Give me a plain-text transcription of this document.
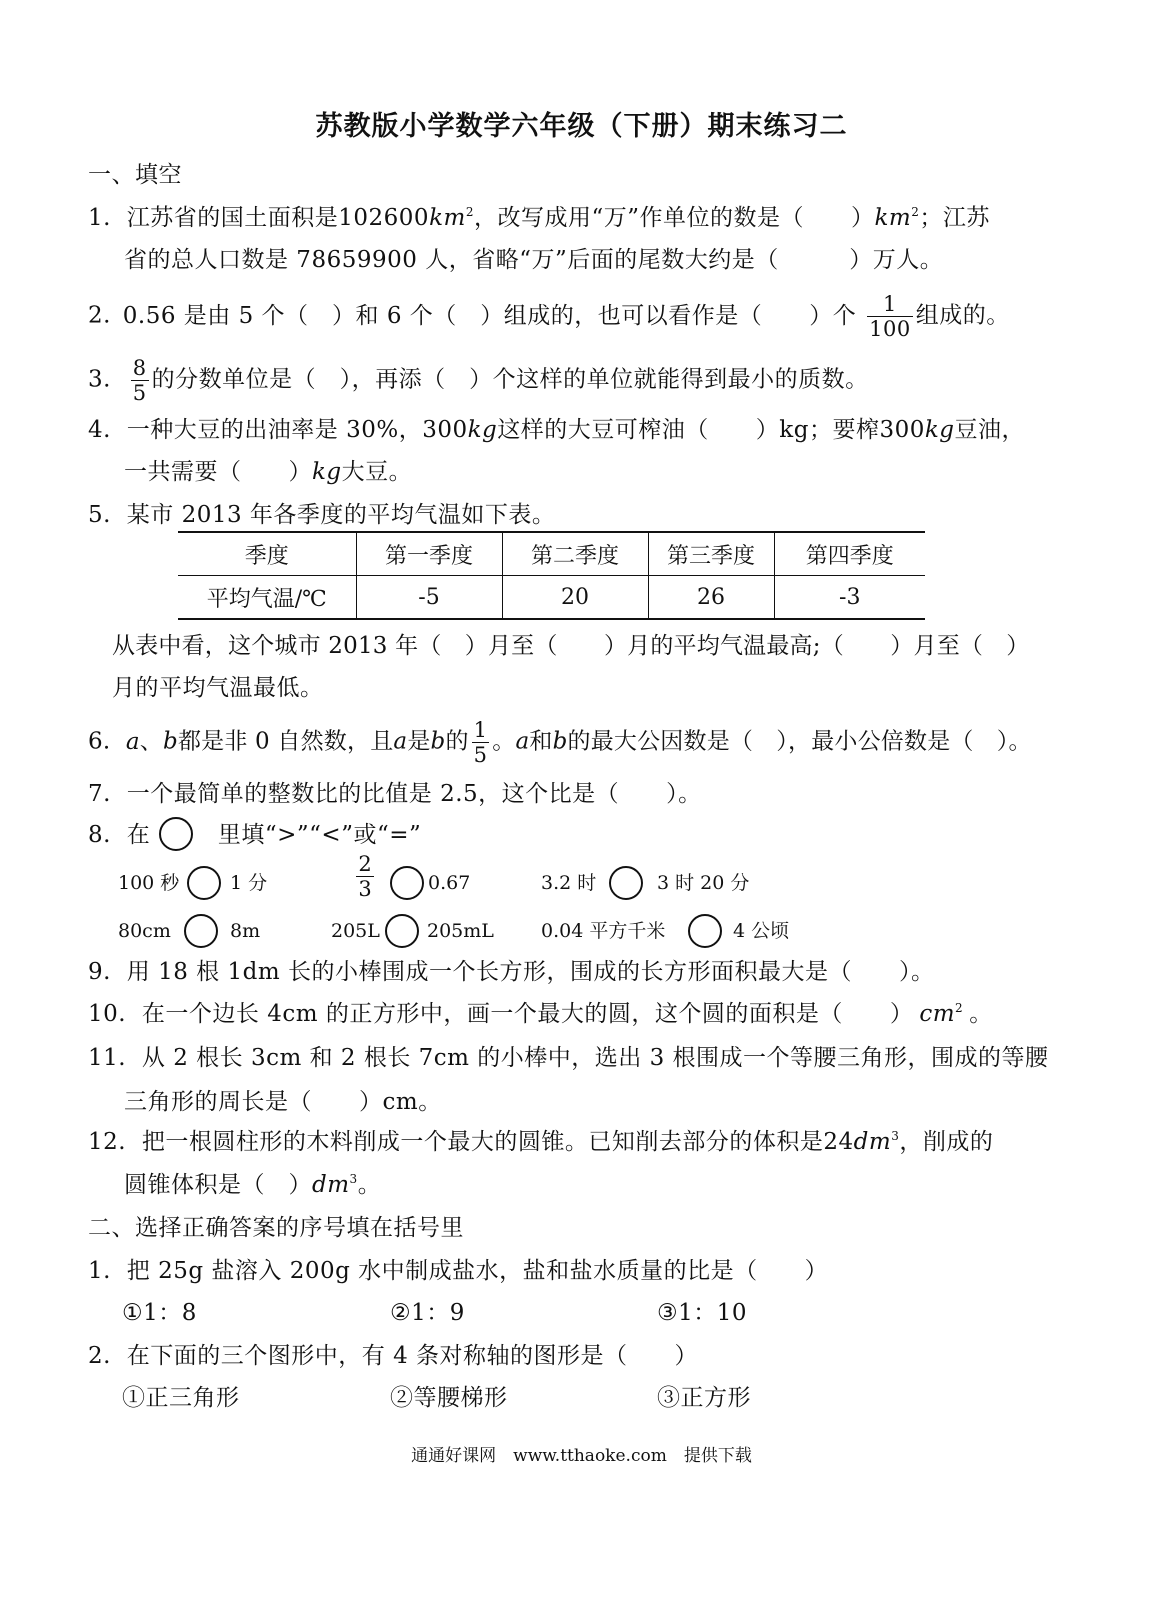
苏教版小学数学六年级（下册）期末练习二
一、填空
1. 江苏省的国土面积是$102600km^2$，改写成用“万”作单位的数是（　　）$km^2$；江苏
省的总人口数是 78659900 人，省略“万”后面的尾数大约是（　　　）万人。
2. 0.56 是由 5 个（　）和 6 个（　）组成的，也可以看作是（　　）个 $\frac{1}{100}$ 组成的。
3. $\frac{8}{5}$ 的分数单位是（　），再添（　）个这样的单位就能得到最小的质数。
4. 一种大豆的出油率是 30%，300kg这样的大豆可榨油（　　）kg；要榨300kg豆油，
一共需要（　　）kg大豆。
5. 某市 2013 年各季度的平均气温如下表。
季度	第一季度	第二季度	第三季度	第四季度
平均气温/℃	-5	20	26	-3
从表中看，这个城市 2013 年（　）月至（　　）月的平均气温最高;（　　）月至（　）
月的平均气温最低。
6. a、b都是非 0 自然数，且a是b的 $\frac{1}{5}$ 。a和b的最大公因数是（　），最小公倍数是（　）。
7. 一个最简单的整数比的比值是 2.5，这个比是（　　）。
8. 在	里填“>”“<”或“=”
100 秒	1 分	$\frac{2}{3}$	0.67	3.2 时	3 时 20 分
80cm	8m	205L 205mL 0.04 平方千米	4 公顷
9. 用 18 根 1dm 长的小棒围成一个长方形，围成的长方形面积最大是（　　）。
10. 在一个边长 4cm 的正方形中，画一个最大的圆，这个圆的面积是（　　） $cm^2$ 。
11. 从 2 根长 3cm 和 2 根长 7cm 的小棒中，选出 3 根围成一个等腰三角形，围成的等腰
三角形的周长是（　　）cm。
12. 把一根圆柱形的木料削成一个最大的圆锥。已知削去部分的体积是$24dm^3$，削成的
圆锥体积是（　）$dm^3$。
二、选择正确答案的序号填在括号里
1. 把 25g 盐溶入 200g 水中制成盐水，盐和盐水质量的比是（　　）
①1：8	②1：9	③1：10
2. 在下面的三个图形中，有 4 条对称轴的图形是（　　）
①正三角形	②等腰梯形	③正方形
通通好课网　www.tthaoke.com　提供下载
